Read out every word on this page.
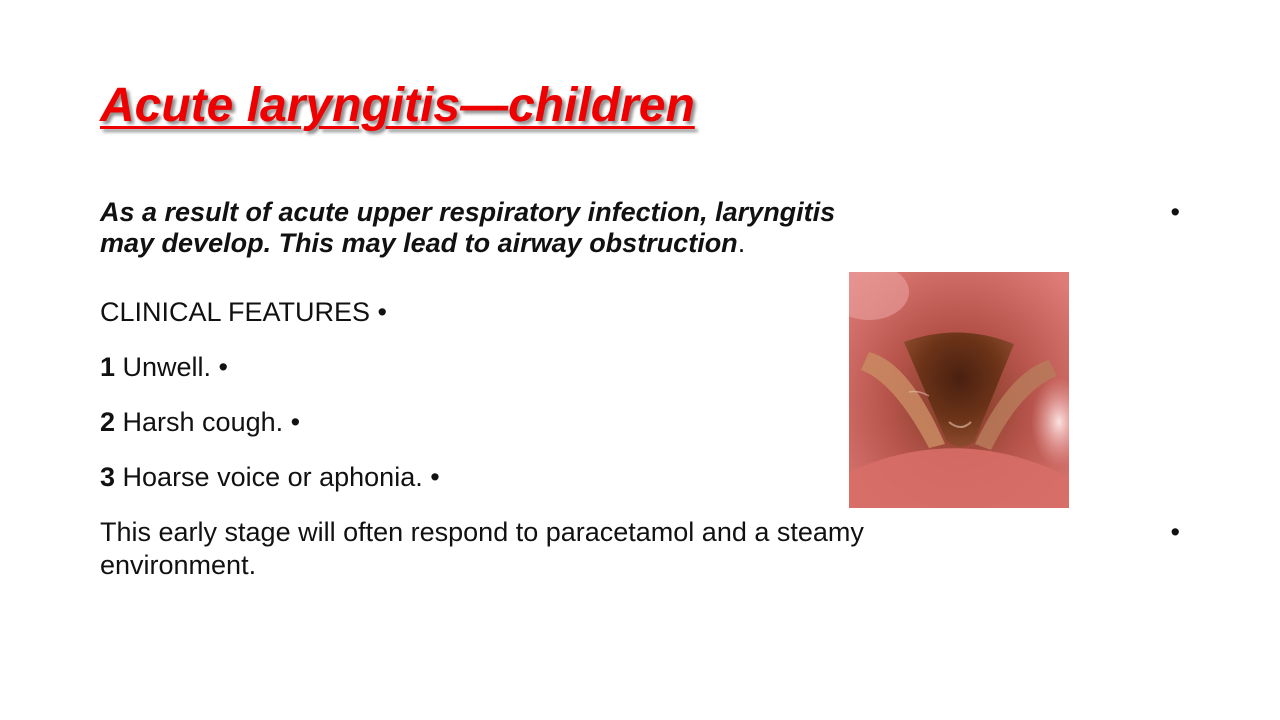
Acute laryngitis—children
As a result of acute upper respiratory infection, laryngitis
may develop. This may lead to airway obstruction.
•
CLINICAL FEATURES •
1 Unwell. •
2 Harsh cough. •
3 Hoarse voice or aphonia. •
This early stage will often respond to paracetamol and a steamy
environment.
•
